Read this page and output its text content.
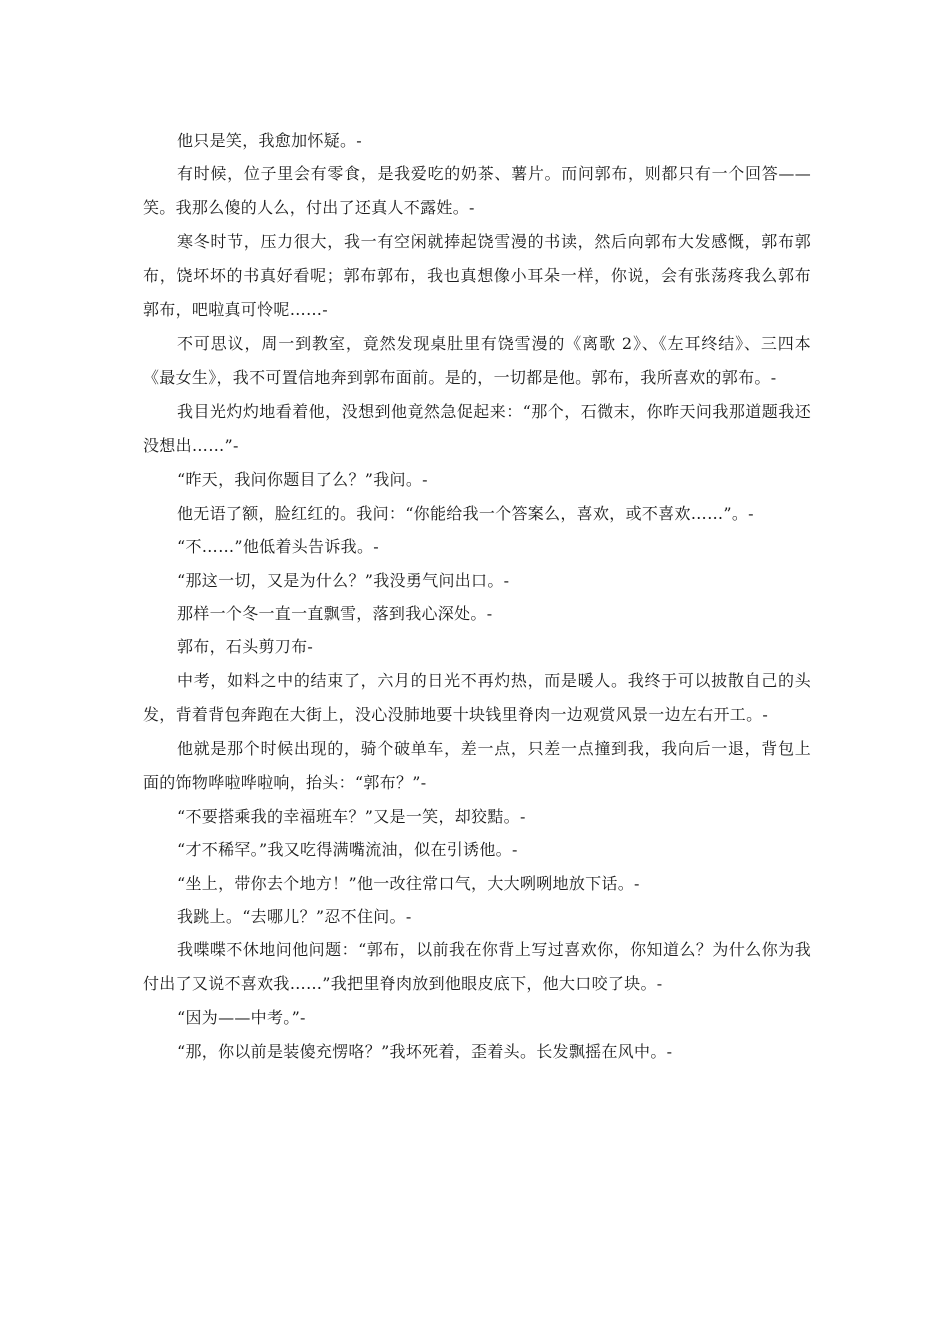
他只是笑，我愈加怀疑。-

有时候，位子里会有零食，是我爱吃的奶茶、薯片。而问郭布，则都只有一个回答——笑。我那么傻的人么，付出了还真人不露姓。-

寒冬时节，压力很大，我一有空闲就捧起饶雪漫的书读，然后向郭布大发感慨，郭布郭布，饶坏坏的书真好看呢；郭布郭布，我也真想像小耳朵一样，你说，会有张荡疼我么郭布郭布，吧啦真可怜呢……-

不可思议，周一到教室，竟然发现桌肚里有饶雪漫的《离歌 2》、《左耳终结》、三四本《最女生》，我不可置信地奔到郭布面前。是的，一切都是他。郭布，我所喜欢的郭布。-

我目光灼灼地看着他，没想到他竟然急促起来：“那个，石微末，你昨天问我那道题我还没想出……”-

“昨天，我问你题目了么？”我问。-

他无语了额，脸红红的。我问：“你能给我一个答案么，喜欢，或不喜欢……”。-

“不……”他低着头告诉我。-

“那这一切，又是为什么？”我没勇气问出口。-

那样一个冬一直一直飘雪，落到我心深处。-

郭布，石头剪刀布-

中考，如料之中的结束了，六月的日光不再灼热，而是暖人。我终于可以披散自己的头发，背着背包奔跑在大街上，没心没肺地要十块钱里脊肉一边观赏风景一边左右开工。-

他就是那个时候出现的，骑个破单车，差一点，只差一点撞到我，我向后一退，背包上面的饰物哗啦哗啦响，抬头：“郭布？”-

“不要搭乘我的幸福班车？”又是一笑，却狡黠。-

“才不稀罕。”我又吃得满嘴流油，似在引诱他。-

“坐上，带你去个地方！”他一改往常口气，大大咧咧地放下话。-

我跳上。“去哪儿？”忍不住问。-

我喋喋不休地问他问题：“郭布，以前我在你背上写过喜欢你，你知道么？为什么你为我付出了又说不喜欢我……”我把里脊肉放到他眼皮底下，他大口咬了块。-

“因为——中考。”-

“那，你以前是装傻充愣咯？”我坏死着，歪着头。长发飘摇在风中。-
